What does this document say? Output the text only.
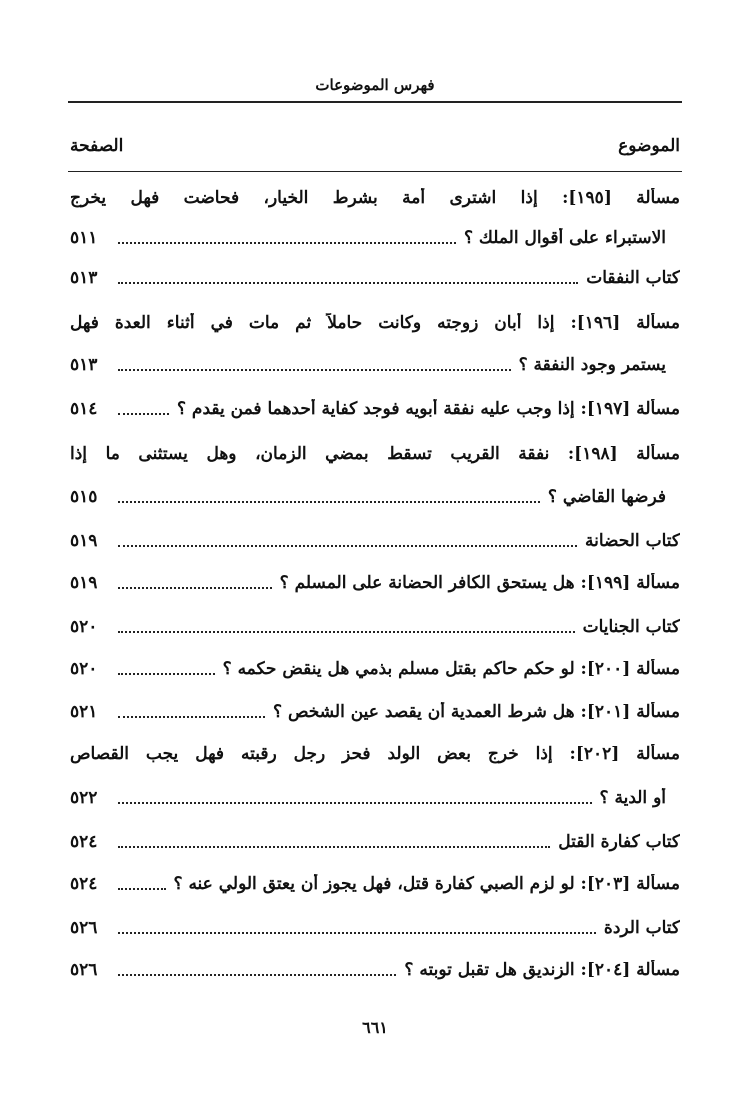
فهرس الموضوعات
الموضوع
الصفحة
مسألة [١٩٥]: إذا اشترى أمة بشرط الخيار، فحاضت فهل يخرج
الاستبراء على أقوال الملك ؟
٥١١
كتاب النفقات
٥١٣
مسألة [١٩٦]: إذا أبان زوجته وكانت حاملاً ثم مات في أثناء العدة فهل
يستمر وجود النفقة ؟
٥١٣
مسألة [١٩٧]: إذا وجب عليه نفقة أبويه فوجد كفاية أحدهما فمن يقدم ؟
٥١٤
مسألة [١٩٨]: نفقة القريب تسقط بمضي الزمان، وهل يستثنى ما إذا
فرضها القاضي ؟
٥١٥
كتاب الحضانة
٥١٩
مسألة [١٩٩]: هل يستحق الكافر الحضانة على المسلم ؟
٥١٩
كتاب الجنايات
٥٢٠
مسألة [٢٠٠]: لو حكم حاكم بقتل مسلم بذمي هل ينقض حكمه ؟
٥٢٠
مسألة [٢٠١]: هل شرط العمدية أن يقصد عين الشخص ؟
٥٢١
مسألة [٢٠٢]: إذا خرج بعض الولد فحز رجل رقبته فهل يجب القصاص
أو الدية ؟
٥٢٢
كتاب كفارة القتل
٥٢٤
مسألة [٢٠٣]: لو لزم الصبي كفارة قتل، فهل يجوز أن يعتق الولي عنه ؟
٥٢٤
كتاب الردة
٥٢٦
مسألة [٢٠٤]: الزنديق هل تقبل توبته ؟
٥٢٦
٦٦١
